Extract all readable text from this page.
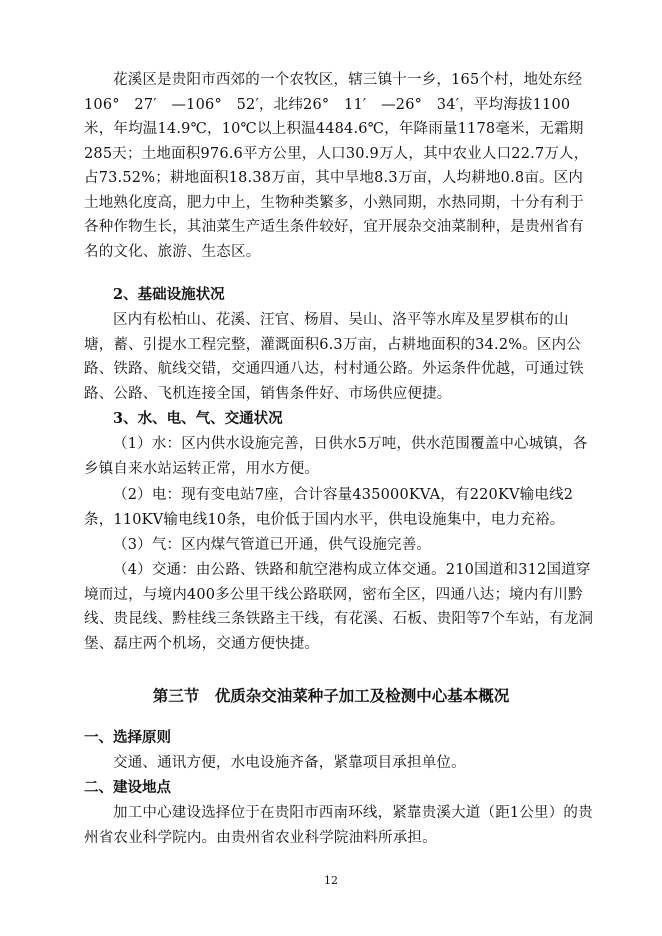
花溪区是贵阳市西郊的一个农牧区，辖三镇十一乡，165个村，地处东经106°　27′　—106°　52′，北纬26°　11′　—26°　34′，平均海拔1100米，年均温14.9℃，10℃以上积温4484.6℃，年降雨量1178毫米，无霜期285天；土地面积976.6平方公里，人口30.9万人，其中农业人口22.7万人，占73.52%；耕地面积18.38万亩，其中旱地8.3万亩，人均耕地0.8亩。区内土地熟化度高，肥力中上，生物种类繁多，小熟同期，水热同期，十分有利于各种作物生长，其油菜生产适生条件较好，宜开展杂交油菜制种，是贵州省有名的文化、旅游、生态区。
2、基础设施状况
区内有松柏山、花溪、汪官、杨眉、吴山、洛平等水库及星罗棋布的山塘，蓄、引提水工程完整，灌溉面积6.3万亩，占耕地面积的34.2%。区内公路、铁路、航线交错，交通四通八达，村村通公路。外运条件优越，可通过铁路、公路、飞机连接全国，销售条件好、市场供应便捷。
3、水、电、气、交通状况
（1）水：区内供水设施完善，日供水5万吨，供水范围覆盖中心城镇，各乡镇自来水站运转正常，用水方便。
（2）电：现有变电站7座，合计容量435000KVA，有220KV输电线2条，110KV输电线10条，电价低于国内水平，供电设施集中，电力充裕。
（3）气：区内煤气管道已开通，供气设施完善。
（4）交通：由公路、铁路和航空港构成立体交通。210国道和312国道穿境而过，与境内400多公里干线公路联网，密布全区，四通八达；境内有川黔线、贵昆线、黔桂线三条铁路主干线，有花溪、石板、贵阳等7个车站，有龙洞堡、磊庄两个机场，交通方便快捷。
第三节　优质杂交油菜种子加工及检测中心基本概况
一、选择原则
交通、通讯方便，水电设施齐备，紧靠项目承担单位。
二、建设地点
加工中心建设选择位于在贵阳市西南环线，紧靠贵溪大道（距1公里）的贵州省农业科学院内。由贵州省农业科学院油料所承担。
12
